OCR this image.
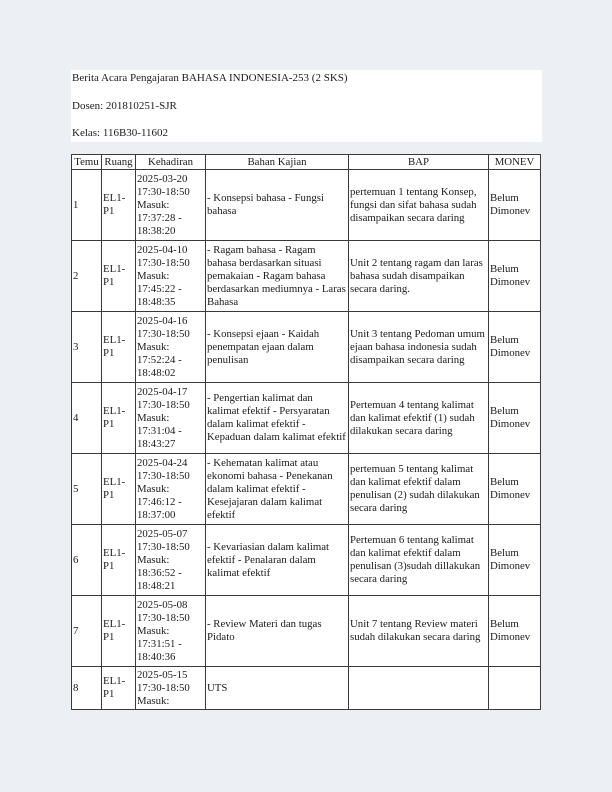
Berita Acara Pengajaran BAHASA INDONESIA-253 (2 SKS)
Dosen: 201810251-SJR
Kelas: 116B30-11602
Temu	Ruang	Kehadiran	Bahan Kajian	BAP	MONEV
1	EL1-P1	2025-03-20
17:30-18:50
Masuk:
17:37:28 -
18:38:20	- Konsepsi bahasa - Fungsi bahasa	pertemuan 1 tentang Konsep, fungsi dan sifat bahasa sudah disampaikan secara daring	Belum Dimonev
2	EL1-P1	2025-04-10
17:30-18:50
Masuk:
17:45:22 -
18:48:35	- Ragam bahasa - Ragam bahasa berdasarkan situasi pemakaian - Ragam bahasa berdasarkan mediumnya - Laras Bahasa	Unit 2 tentang ragam dan laras bahasa sudah disampaikan secara daring.	Belum Dimonev
3	EL1-P1	2025-04-16
17:30-18:50
Masuk:
17:52:24 -
18:48:02	- Konsepsi ejaan - Kaidah penempatan ejaan dalam penulisan	Unit 3 tentang Pedoman umum ejaan bahasa indonesia sudah disampaikan secara daring	Belum Dimonev
4	EL1-P1	2025-04-17
17:30-18:50
Masuk:
17:31:04 -
18:43:27	- Pengertian kalimat dan kalimat efektif - Persyaratan dalam kalimat efektif - Kepaduan dalam kalimat efektif	Pertemuan 4 tentang kalimat dan kalimat efektif (1) sudah dilakukan secara daring	Belum Dimonev
5	EL1-P1	2025-04-24
17:30-18:50
Masuk:
17:46:12 -
18:37:00	- Kehematan kalimat atau ekonomi bahasa - Penekanan dalam kalimat efektif - Kesejajaran dalam kalimat efektif	pertemuan 5 tentang kalimat dan kalimat efektif dalam penulisan (2) sudah dilakukan secara daring	Belum Dimonev
6	EL1-P1	2025-05-07
17:30-18:50
Masuk:
18:36:52 -
18:48:21	- Kevariasian dalam kalimat efektif - Penalaran dalam kalimat efektif	Pertemuan 6 tentang kalimat dan kalimat efektif dalam penulisan (3)sudah dillakukan secara daring	Belum Dimonev
7	EL1-P1	2025-05-08
17:30-18:50
Masuk:
17:31:51 -
18:40:36	- Review Materi dan tugas Pidato	Unit 7 tentang Review materi sudah dilakukan secara daring	Belum Dimonev
8	EL1-P1	2025-05-15
17:30-18:50
Masuk:	UTS		
